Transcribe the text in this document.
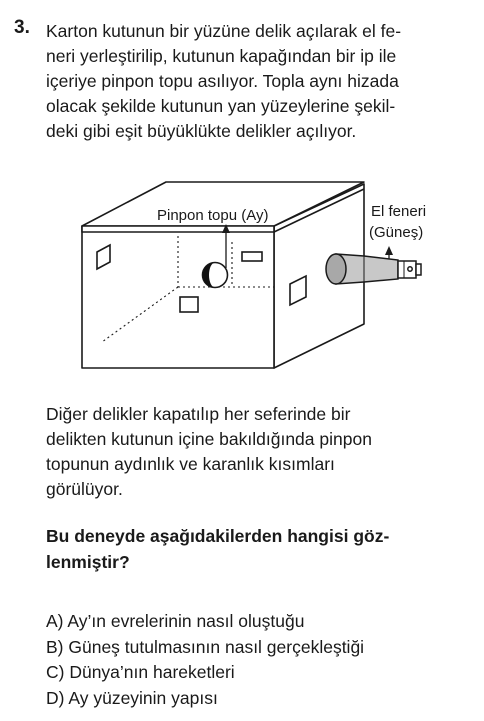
3. Karton kutunun bir yüzüne delik açılarak el fe-
neri yerleştirilip, kutunun kapağından bir ip ile
içeriye pinpon topu asılıyor. Topla aynı hizada
olacak şekilde kutunun yan yüzeylerine şekil-
deki gibi eşit büyüklükte delikler açılıyor.
Pinpon topu (Ay)	El feneri
(Güneş)
Diğer delikler kapatılıp her seferinde bir
delikten kutunun içine bakıldığında pinpon
topunun aydınlık ve karanlık kısımları
görülüyor.
Bu deneyde aşağıdakilerden hangisi göz-
lenmiştir?
A) Ay’ın evrelerinin nasıl oluştuğu
B) Güneş tutulmasının nasıl gerçekleştiği
C) Dünya’nın hareketleri
D) Ay yüzeyinin yapısı
